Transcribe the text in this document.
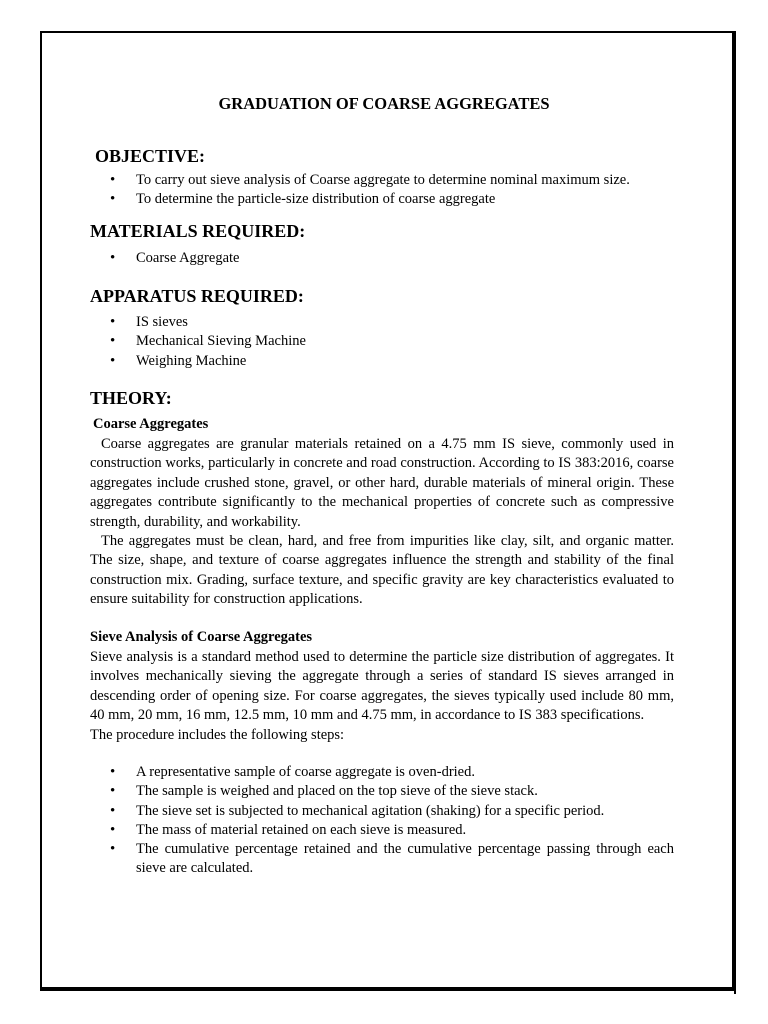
GRADUATION OF COARSE AGGREGATES
OBJECTIVE:
• To carry out sieve analysis of Coarse aggregate to determine nominal maximum size.
• To determine the particle-size distribution of coarse aggregate
MATERIALS REQUIRED:
• Coarse Aggregate
APPARATUS REQUIRED:
• IS sieves
• Mechanical Sieving Machine
• Weighing Machine
THEORY:
Coarse Aggregates

Coarse aggregates are granular materials retained on a 4.75 mm IS sieve, commonly used in construction works, particularly in concrete and road construction. According to IS 383:2016, coarse aggregates include crushed stone, gravel, or other hard, durable materials of mineral origin. These aggregates contribute significantly to the mechanical properties of concrete such as compressive strength, durability, and workability.

The aggregates must be clean, hard, and free from impurities like clay, silt, and organic matter. The size, shape, and texture of coarse aggregates influence the strength and stability of the final construction mix. Grading, surface texture, and specific gravity are key characteristics evaluated to ensure suitability for construction applications.

Sieve Analysis of Coarse Aggregates

Sieve analysis is a standard method used to determine the particle size distribution of aggregates. It involves mechanically sieving the aggregate through a series of standard IS sieves arranged in descending order of opening size. For coarse aggregates, the sieves typically used include 80 mm, 40 mm, 20 mm, 16 mm, 12.5 mm, 10 mm and 4.75 mm, in accordance to IS 383 specifications.

The procedure includes the following steps:

• A representative sample of coarse aggregate is oven-dried.
• The sample is weighed and placed on the top sieve of the sieve stack.
• The sieve set is subjected to mechanical agitation (shaking) for a specific period.
• The mass of material retained on each sieve is measured.
• The cumulative percentage retained and the cumulative percentage passing through each sieve are calculated.
